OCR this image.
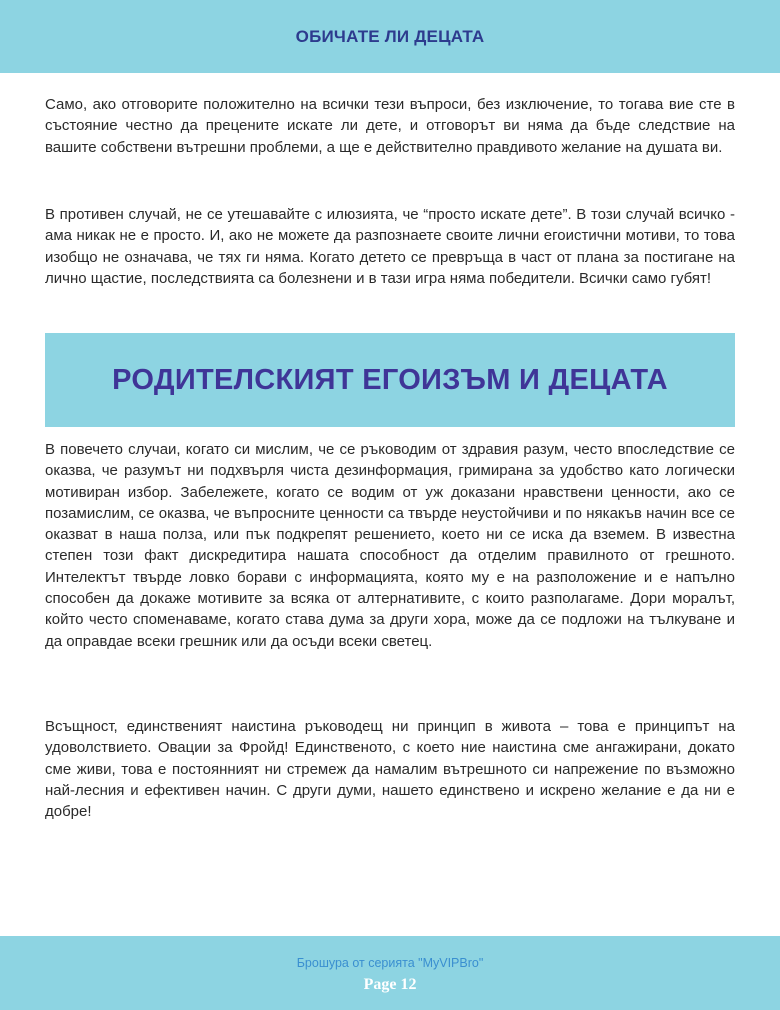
ОБИЧАТЕ ЛИ ДЕЦАТА

Само, ако отговорите положително на всички тези въпроси, без изключение, то тогава вие сте в състояние честно да прецените искате ли дете, и отговорът ви няма да бъде следствие на вашите собствени вътрешни проблеми, а ще е действително правдивото желание на душата ви.

В противен случай, не се утешавайте с илюзията, че “просто искате дете”. В този случай всичко - ама никак не е просто. И, ако не можете да разпознаете своите лични егоистични мотиви, то това изобщо не означава, че тях ги няма. Когато детето се превръща в част от плана за постигане на лично щастие, последствията са болезнени и в тази игра няма победители. Всички само губят!

РОДИТЕЛСКИЯТ ЕГОИЗЪМ И ДЕЦАТА

В повечето случаи, когато си мислим, че се ръководим от здравия разум, често впоследствие се оказва, че разумът ни подхвърля чиста дезинформация, гримирана за удобство като логически мотивиран избор. Забележете, когато се водим от уж доказани нравствени ценности, ако се позамислим, се оказва, че въпросните ценности са твърде неустойчиви и по някакъв начин все се оказват в наша полза, или пък подкрепят решението, което ни се иска да вземем. В известна степен този факт дискредитира нашата способност да отделим правилното от грешното. Интелектът твърде ловко борави с информацията, която му е на разположение и е напълно способен да докаже мотивите за всяка от алтернативите, с които разполагаме. Дори моралът, който често споменаваме, когато става дума за други хора, може да се подложи на тълкуване и да оправдае всеки грешник или да осъди всеки светец.

Всъщност, единственият наистина ръководещ ни принцип в живота – това е принципът на удоволствието. Овации за Фройд! Единственото, с което ние наистина сме ангажирани, докато сме живи, това е постоянният ни стремеж да намалим вътрешното си напрежение по възможно най-лесния и ефективен начин. С други думи, нашето единствено и искрено желание е да ни е добре!

Брошура от серията "MyVIPBro"
Page 12
